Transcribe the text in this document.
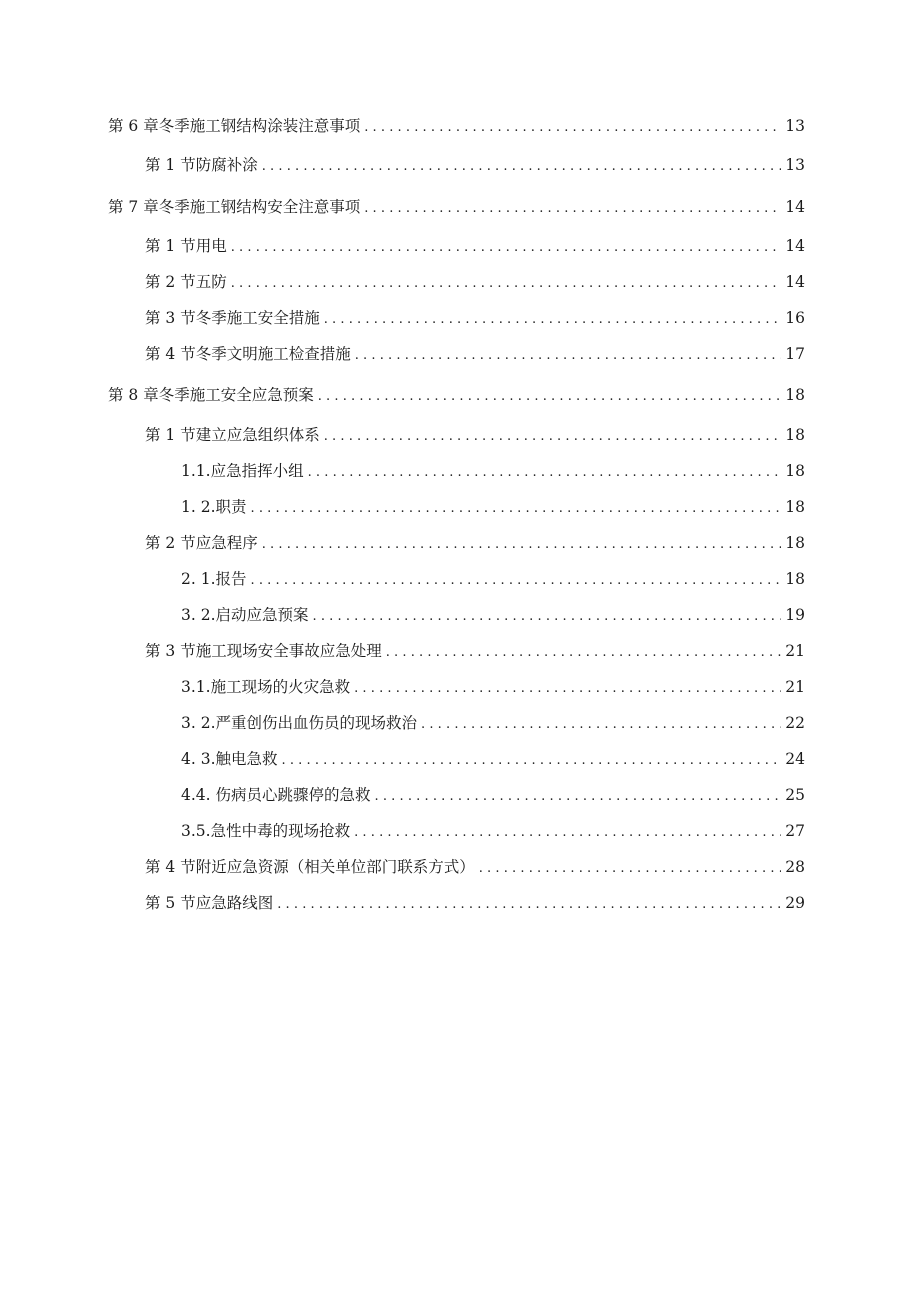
第 6 章冬季施工钢结构涂装注意事项 .....	13
第 1 节防腐补涂 .....	13
第 7 章冬季施工钢结构安全注意事项 .....	14
第 1 节用电 .....	14
第 2 节五防 .....	14
第 3 节冬季施工安全措施 .....	16
第 4 节冬季文明施工检查措施 .....	17
第 8 章冬季施工安全应急预案 .....	18
第 1 节建立应急组织体系 .....	18
1.1.应急指挥小组 .....	18
1. 2.职责 .....	18
第 2 节应急程序 .....	18
2. 1.报告 .....	18
3. 2.启动应急预案 .....	19
第 3 节施工现场安全事故应急处理 .....	21
3.1.施工现场的火灾急救 .....	21
3. 2.严重创伤出血伤员的现场救治 .....	22
4. 3.触电急救 .....	24
4.4. 伤病员心跳骤停的急救 .....	25
3.5.急性中毒的现场抢救 .....	27
第 4 节附近应急资源（相关单位部门联系方式） .....	28
第 5 节应急路线图 .....	29
